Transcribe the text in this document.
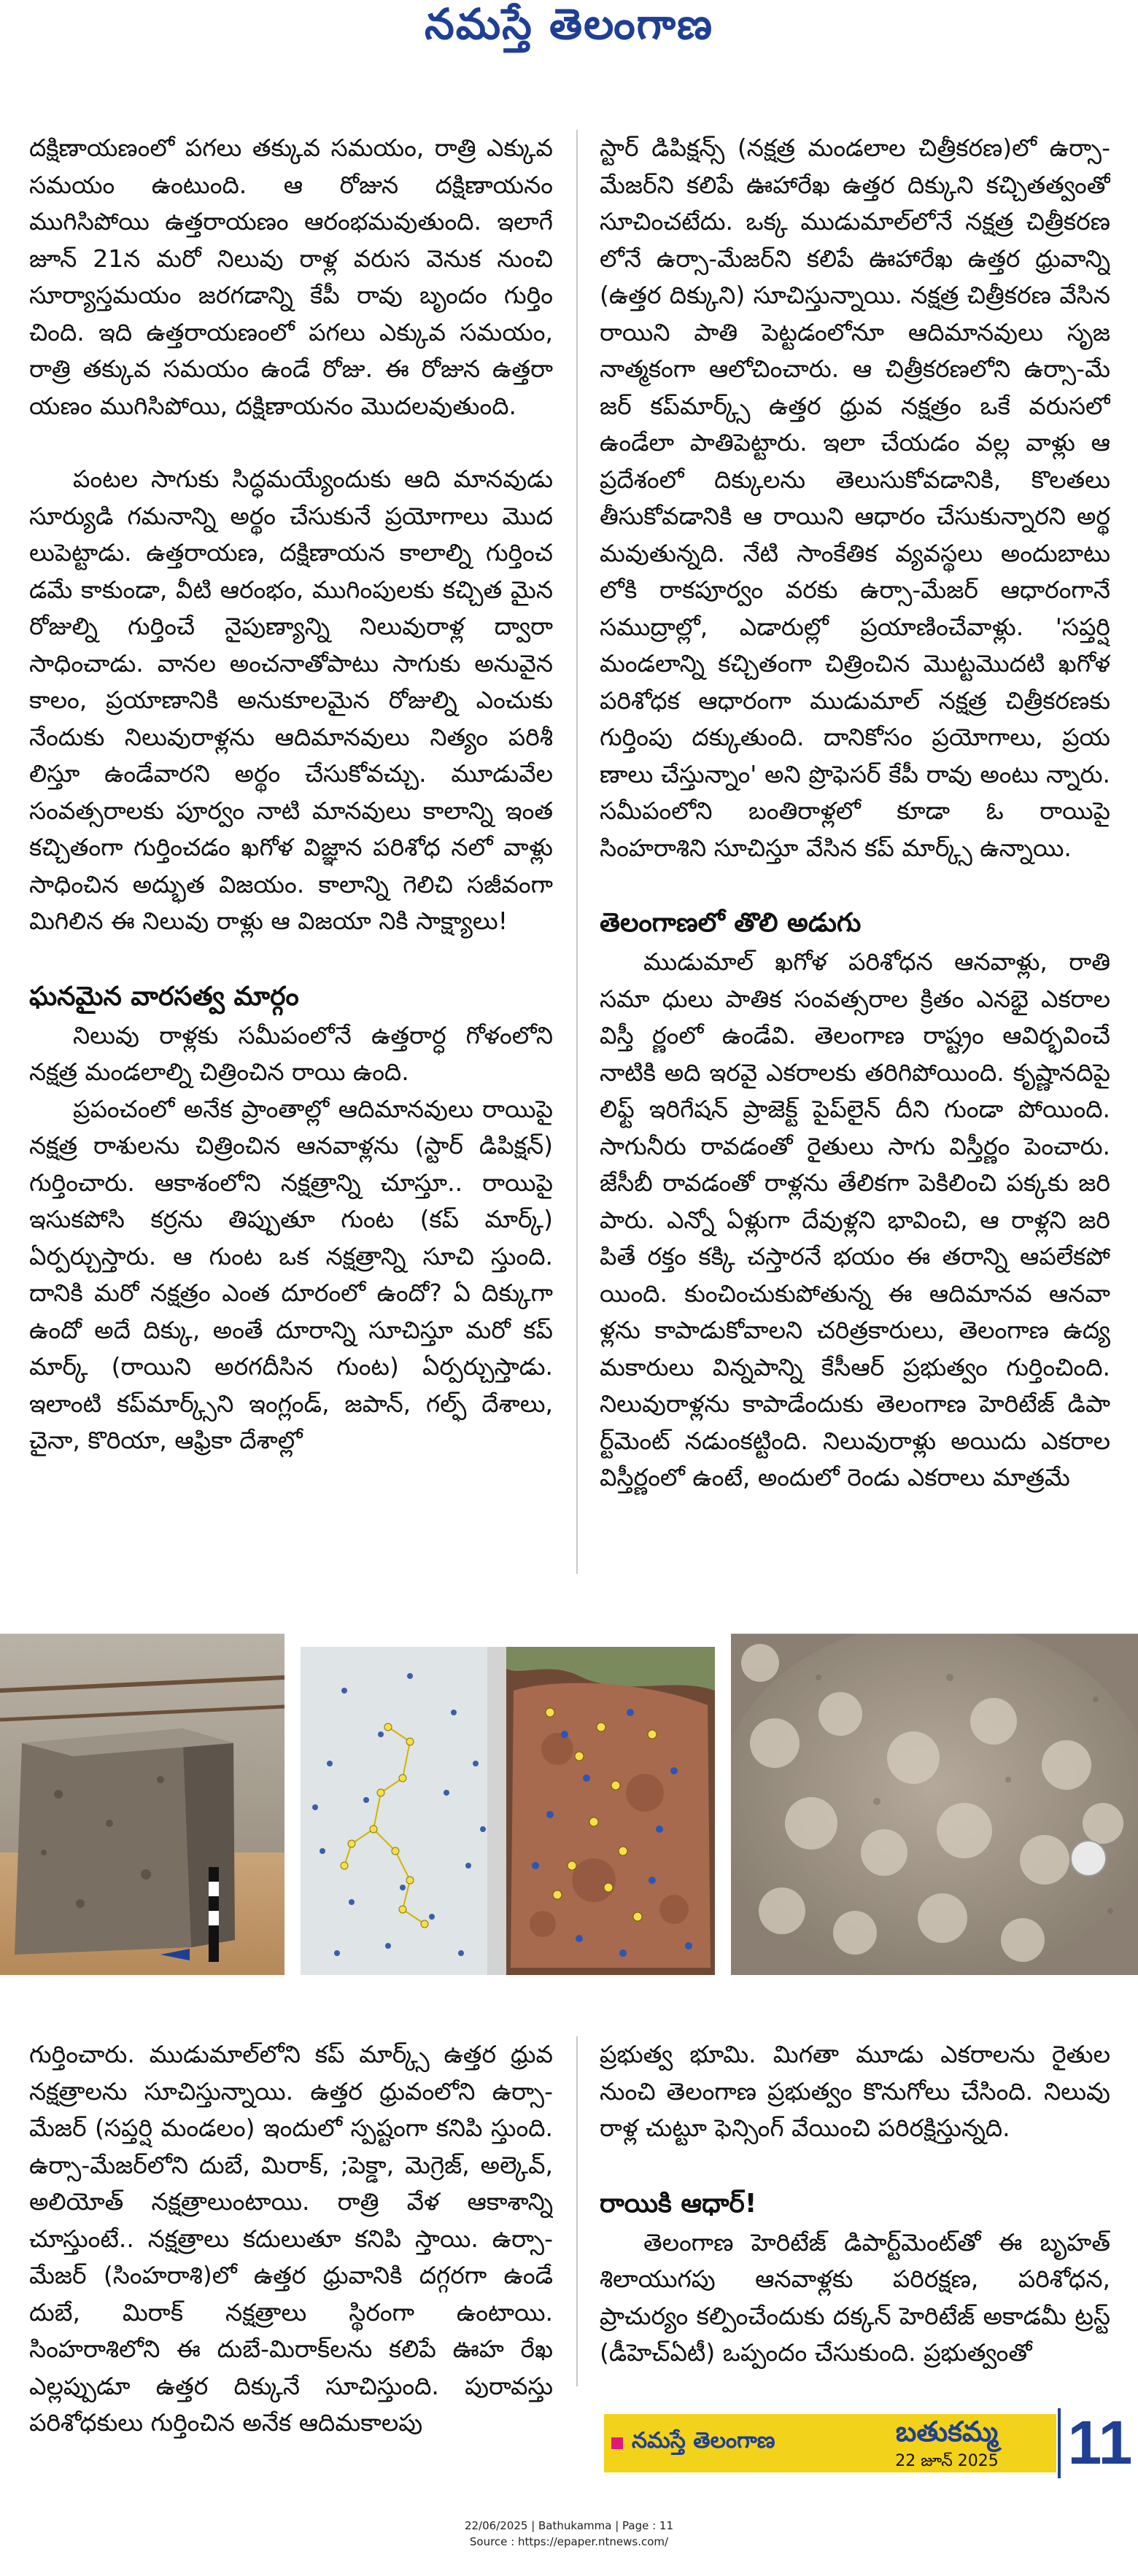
నమస్తే తెలంగాణ

దక్షిణాయణంలో పగలు తక్కువ సమయం, రాత్రి ఎక్కువ సమయం ఉంటుంది. ఆ రోజున దక్షిణాయనం ముగిసిపోయి ఉత్తరాయణం ఆరంభమవుతుంది. ఇలాగే జూన్ 21న మరో నిలువు రాళ్ల వరుస వెనుక నుంచి సూర్యాస్తమయం జరగడాన్ని కేపీ రావు బృందం గుర్తిం చింది. ఇది ఉత్తరాయణంలో పగలు ఎక్కువ సమయం, రాత్రి తక్కువ సమయం ఉండే రోజు. ఈ రోజున ఉత్తరా యణం ముగిసిపోయి, దక్షిణాయనం మొదలవుతుంది.

పంటల సాగుకు సిద్ధమయ్యేందుకు ఆది మానవుడు సూర్యుడి గమనాన్ని అర్థం చేసుకునే ప్రయోగాలు మొద లుపెట్టాడు. ఉత్తరాయణ, దక్షిణాయన కాలాల్ని గుర్తించ డమే కాకుండా, వీటి ఆరంభం, ముగింపులకు కచ్చిత మైన రోజుల్ని గుర్తించే నైపుణ్యాన్ని నిలువురాళ్ల ద్వారా సాధించాడు. వానల అంచనాతోపాటు సాగుకు అనువైన కాలం, ప్రయాణానికి అనుకూలమైన రోజుల్ని ఎంచుకు నేందుకు నిలువురాళ్లను ఆదిమానవులు నిత్యం పరిశీ లిస్తూ ఉండేవారని అర్థం చేసుకోవచ్చు. మూడువేల సంవత్సరాలకు పూర్వం నాటి మానవులు కాలాన్ని ఇంత కచ్చితంగా గుర్తించడం ఖగోళ విజ్ఞాన పరిశోధ నలో వాళ్లు సాధించిన అద్భుత విజయం. కాలాన్ని గెలిచి సజీవంగా మిగిలిన ఈ నిలువు రాళ్లు ఆ విజయా నికి సాక్ష్యాలు!

ఘనమైన వారసత్వ మార్గం

నిలువు రాళ్లకు సమీపంలోనే ఉత్తరార్ధ గోళంలోని నక్షత్ర మండలాల్ని చిత్రించిన రాయి ఉంది.

ప్రపంచంలో అనేక ప్రాంతాల్లో ఆదిమానవులు రాయిపై నక్షత్ర రాశులను చిత్రించిన ఆనవాళ్లను (స్టార్ డిపిక్షన్) గుర్తించారు. ఆకాశంలోని నక్షత్రాన్ని చూస్తూ.. రాయిపై ఇసుకపోసి కర్రను తిప్పుతూ గుంట (కప్ మార్క్) ఏర్పర్చుస్తారు. ఆ గుంట ఒక నక్షత్రాన్ని సూచి స్తుంది. దానికి మరో నక్షత్రం ఎంత దూరంలో ఉందో? ఏ దిక్కుగా ఉందో అదే దిక్కు, అంతే దూరాన్ని సూచిస్తూ మరో కప్ మార్క్ (రాయిని అరగదీసిన గుంట) ఏర్పర్చుస్తాడు. ఇలాంటి కప్‌మార్క్స్‌ని ఇంగ్లండ్, జపాన్, గల్ఫ్ దేశాలు, చైనా, కొరియా, ఆఫ్రికా దేశాల్లో

స్టార్ డిపిక్షన్స్ (నక్షత్ర మండలాల చిత్రీకరణ)లో ఉర్సా- మేజర్‌ని కలిపే ఊహారేఖ ఉత్తర దిక్కుని కచ్చితత్వంతో సూచించటేదు. ఒక్క ముడుమాల్‌లోనే నక్షత్ర చిత్రీకరణ లోనే ఉర్సా-మేజర్‌ని కలిపే ఊహారేఖ ఉత్తర ధ్రువాన్ని (ఉత్తర దిక్కుని) సూచిస్తున్నాయి. నక్షత్ర చిత్రీకరణ వేసిన రాయిని పాతి పెట్టడంలోనూ ఆదిమానవులు సృజ నాత్మకంగా ఆలోచించారు. ఆ చిత్రీకరణలోని ఉర్సా-మే జర్ కప్‌మార్క్స్ ఉత్తర ధ్రువ నక్షత్రం ఒకే వరుసలో ఉండేలా పాతిపెట్టారు. ఇలా చేయడం వల్ల వాళ్లు ఆ ప్రదేశంలో దిక్కులను తెలుసుకోవడానికి, కొలతలు తీసుకోవడానికి ఆ రాయిని ఆధారం చేసుకున్నారని అర్థ మవుతున్నది. నేటి సాంకేతిక వ్యవస్థలు అందుబాటు లోకి రాకపూర్వం వరకు ఉర్సా-మేజర్ ఆధారంగానే సముద్రాల్లో, ఎడారుల్లో ప్రయాణించేవాళ్లు. 'సప్తర్షి మండలాన్ని కచ్చితంగా చిత్రించిన మొట్టమొదటి ఖగోళ పరిశోధక ఆధారంగా ముడుమాల్ నక్షత్ర చిత్రీకరణకు గుర్తింపు దక్కుతుంది. దానికోసం ప్రయోగాలు, ప్రయ ణాలు చేస్తున్నాం' అని ప్రొఫెసర్ కేపీ రావు అంటు న్నారు. సమీపంలోని బంతిరాళ్లలో కూడా ఓ రాయిపై సింహరాశిని సూచిస్తూ వేసిన కప్ మార్క్స్ ఉన్నాయి.

తెలంగాణలో తొలి అడుగు

ముడుమాల్ ఖగోళ పరిశోధన ఆనవాళ్లు, రాతి సమా ధులు పాతిక సంవత్సరాల క్రితం ఎనభై ఎకరాల విస్తీ ర్ణంలో ఉండేవి. తెలంగాణ రాష్ట్రం ఆవిర్భవించే నాటికి అది ఇరవై ఎకరాలకు తరిగిపోయింది. కృష్ణానదిపై లిఫ్ట్ ఇరిగేషన్ ప్రాజెక్ట్ పైప్‌లైన్ దీని గుండా పోయింది. సాగునీరు రావడంతో రైతులు సాగు విస్తీర్ణం పెంచారు. జేసీబీ రావడంతో రాళ్లను తేలికగా పెకిలించి పక్కకు జరి పారు. ఎన్నో ఏళ్లుగా దేవుళ్లని భావించి, ఆ రాళ్లని జరి పితే రక్తం కక్కి చస్తారనే భయం ఈ తరాన్ని ఆపలేకపో యింది. కుంచించుకుపోతున్న ఈ ఆదిమానవ ఆనవా ళ్లను కాపాడుకోవాలని చరిత్రకారులు, తెలంగాణ ఉద్య మకారులు విన్నపాన్ని కేసీఆర్ ప్రభుత్వం గుర్తించింది. నిలువురాళ్లను కాపాడేందుకు తెలంగాణ హెరిటేజ్ డిపా ర్ట్‌మెంట్ నడుంకట్టింది. నిలువురాళ్లు అయిదు ఎకరాల విస్తీర్ణంలో ఉంటే, అందులో రెండు ఎకరాలు మాత్రమే

గుర్తించారు. ముడుమాల్‌లోని కప్ మార్క్స్ ఉత్తర ధ్రువ నక్షత్రాలను సూచిస్తున్నాయి. ఉత్తర ధ్రువంలోని ఉర్సా- మేజర్ (సప్తర్షి మండలం) ఇందులో స్పష్టంగా కనిపి స్తుంది. ఉర్సా-మేజర్‌లోని దుబే, మిరాక్, ;పెక్డా, మెగ్రెజ్, అల్కెవ్, అలియోత్ నక్షత్రాలుంటాయి. రాత్రి వేళ ఆకాశాన్ని చూస్తుంటే.. నక్షత్రాలు కదులుతూ కనిపి స్తాయి. ఉర్సా-మేజర్ (సింహరాశి)లో ఉత్తర ధ్రువానికి దగ్గరగా ఉండే దుబే, మిరాక్ నక్షత్రాలు స్థిరంగా ఉంటాయి. సింహరాశిలోని ఈ దుబే-మిరాక్‌లను కలిపే ఊహ రేఖ ఎల్లప్పుడూ ఉత్తర దిక్కునే సూచిస్తుంది. పురావస్తు పరిశోధకులు గుర్తించిన అనేక ఆదిమకాలపు

ప్రభుత్వ భూమి. మిగతా మూడు ఎకరాలను రైతుల నుంచి తెలంగాణ ప్రభుత్వం కొనుగోలు చేసింది. నిలువు రాళ్ల చుట్టూ ఫెన్సింగ్ వేయించి పరిరక్షిస్తున్నది.

రాయికి ఆధార్!

తెలంగాణ హెరిటేజ్ డిపార్ట్‌మెంట్‌తో ఈ బృహత్ శిలాయుగపు ఆనవాళ్లకు పరిరక్షణ, పరిశోధన, ప్రాచుర్యం కల్పించేందుకు దక్కన్ హెరిటేజ్ అకాడమీ ట్రస్ట్ (డీహెచ్ఏటీ) ఒప్పందం చేసుకుంది. ప్రభుత్వంతో

నమస్తే తెలంగాణ	బతుకమ్మ
22 జూన్ 2025	11
22/06/2025 | Bathukamma | Page : 11
Source : https://epaper.ntnews.com/
